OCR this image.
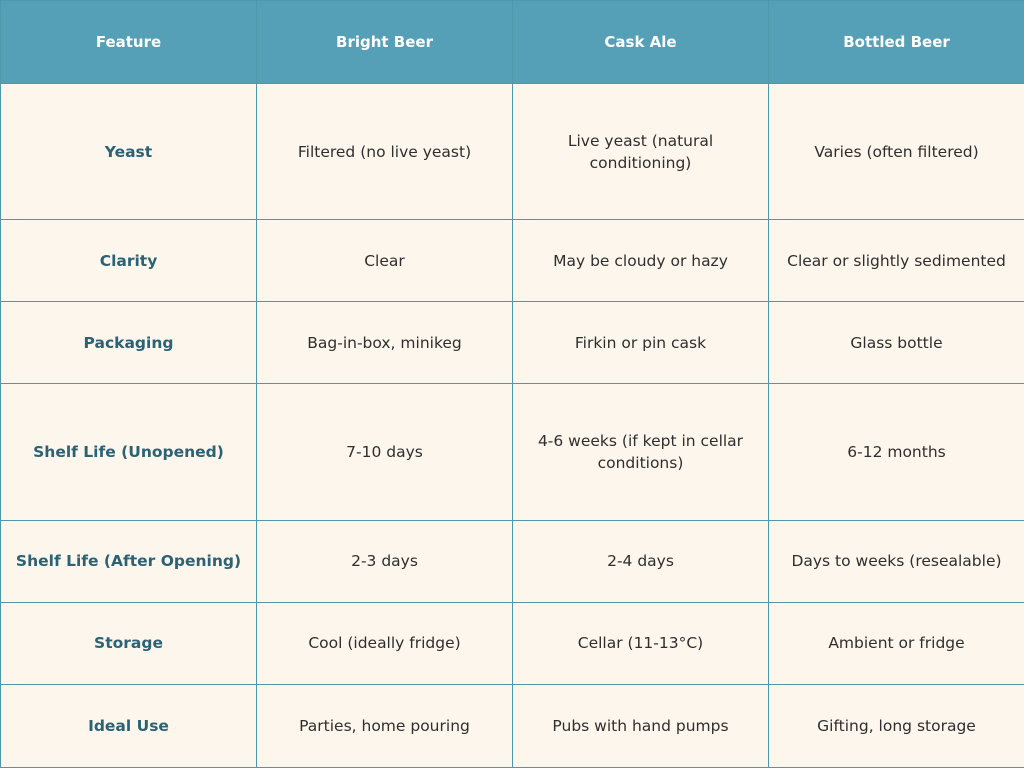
Feature	Bright Beer	Cask Ale	Bottled Beer
Yeast	Filtered (no live yeast)	Live yeast (natural conditioning)	Varies (often filtered)
Clarity	Clear	May be cloudy or hazy	Clear or slightly sedimented
Packaging	Bag-in-box, minikeg	Firkin or pin cask	Glass bottle
Shelf Life (Unopened)	7-10 days	4-6 weeks (if kept in cellar conditions)	6-12 months
Shelf Life (After Opening)	2-3 days	2-4 days	Days to weeks (resealable)
Storage	Cool (ideally fridge)	Cellar (11-13°C)	Ambient or fridge
Ideal Use	Parties, home pouring	Pubs with hand pumps	Gifting, long storage
